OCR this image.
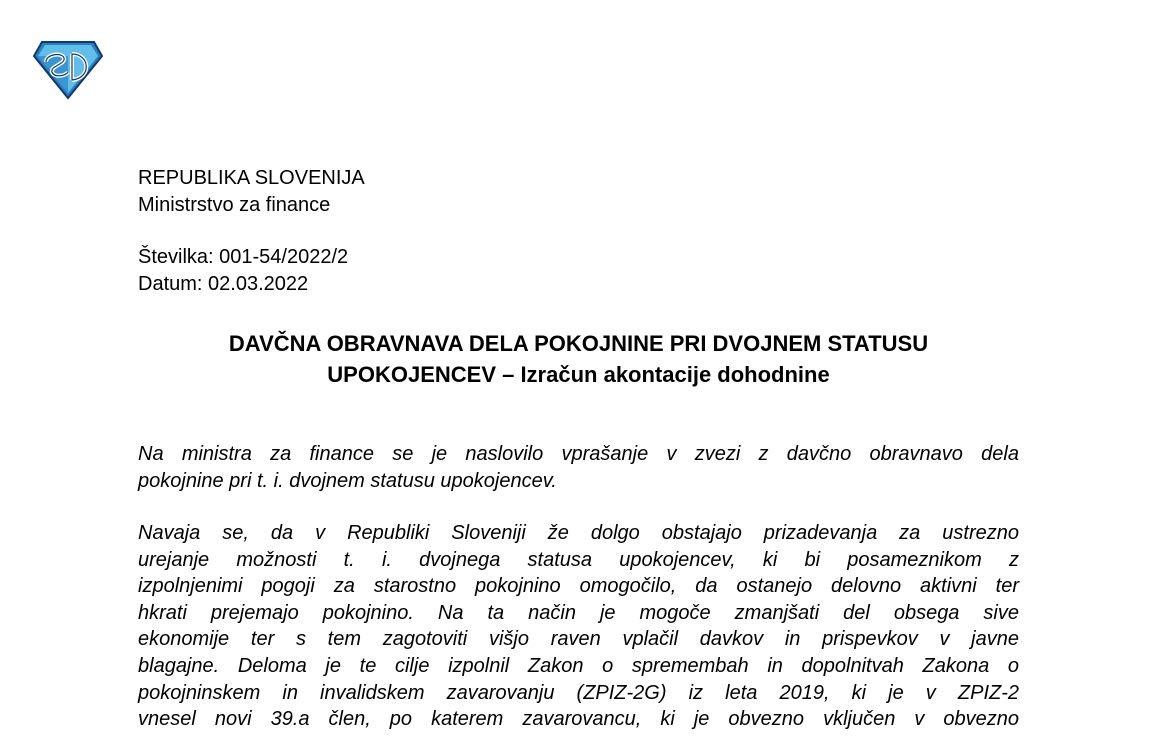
REPUBLIKA SLOVENIJA
Ministrstvo za finance
Številka: 001-54/2022/2
Datum: 02.03.2022
DAVČNA OBRAVNAVA DELA POKOJNINE PRI DVOJNEM STATUSU
UPOKOJENCEV – Izračun akontacije dohodnine
Na ministra za finance se je naslovilo vprašanje v zvezi z davčno obravnavo dela
pokojnine pri t. i. dvojnem statusu upokojencev.
Navaja se, da v Republiki Sloveniji že dolgo obstajajo prizadevanja za ustrezno
urejanje možnosti t. i. dvojnega statusa upokojencev, ki bi posameznikom z
izpolnjenimi pogoji za starostno pokojnino omogočilo, da ostanejo delovno aktivni ter
hkrati prejemajo pokojnino. Na ta način je mogoče zmanjšati del obsega sive
ekonomije ter s tem zagotoviti višjo raven vplačil davkov in prispevkov v javne
blagajne. Deloma je te cilje izpolnil Zakon o spremembah in dopolnitvah Zakona o
pokojninskem in invalidskem zavarovanju (ZPIZ-2G) iz leta 2019, ki je v ZPIZ-2
vnesel novi 39.a člen, po katerem zavarovancu, ki je obvezno vključen v obvezno
